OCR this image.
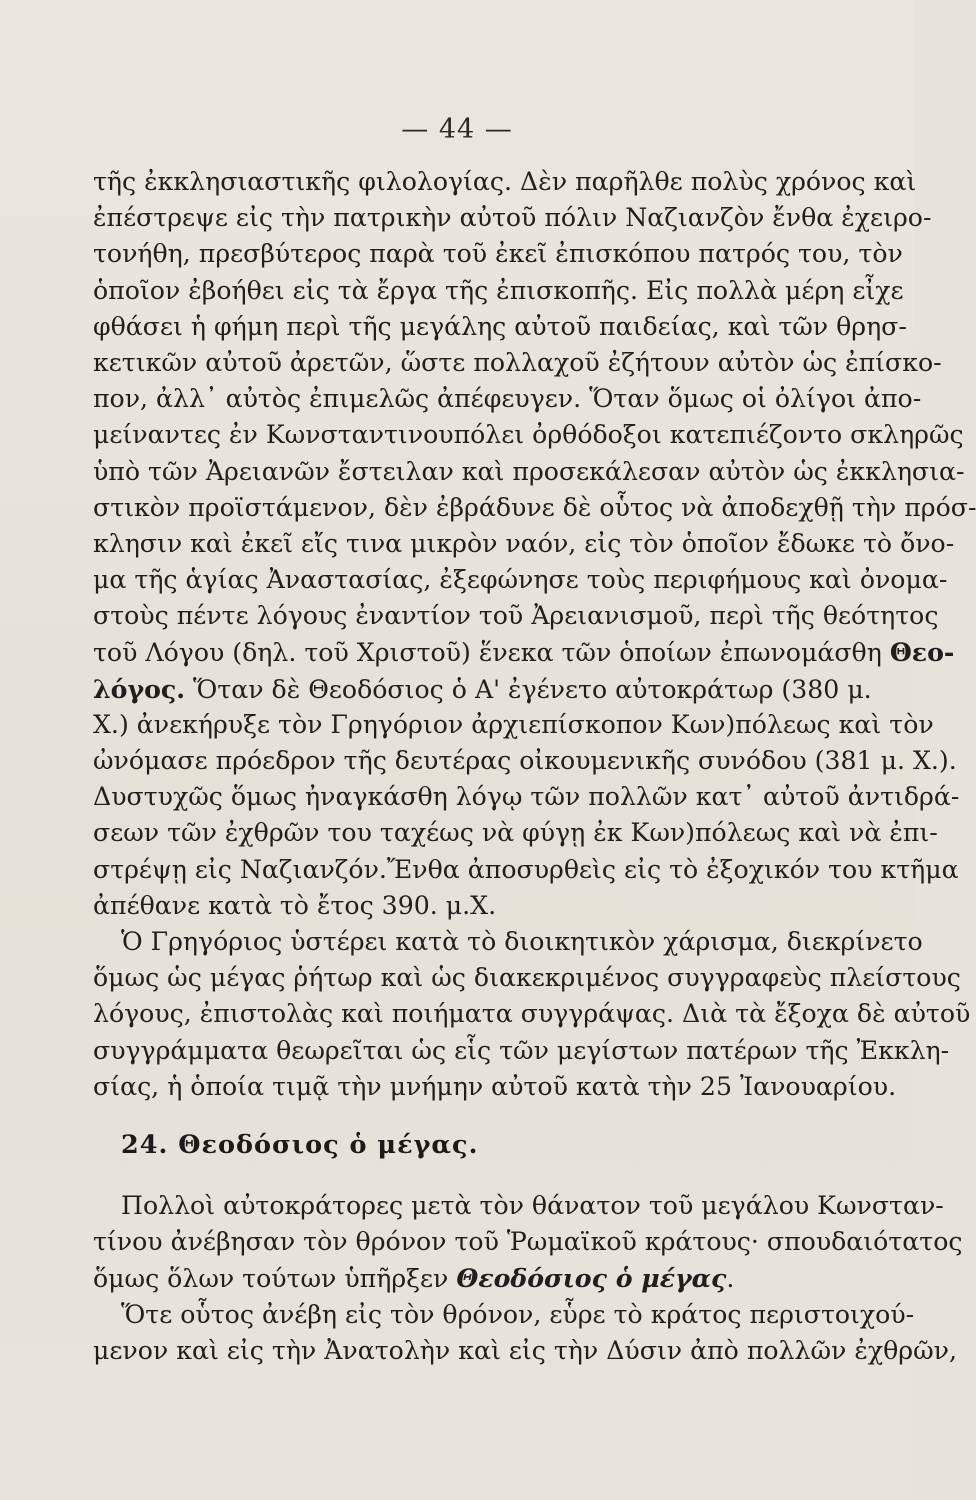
— 44 —
τῆς ἐκκλησιαστικῆς φιλολογίας. Δὲν παρῆλθε πολὺς χρόνος καὶ
ἐπέστρεψε εἰς τὴν πατρικὴν αὐτοῦ πόλιν Ναζιανζὸν ἔνθα ἐχειρο-
τονήθη, πρεσβύτερος παρὰ τοῦ ἐκεῖ ἐπισκόπου πατρός του, τὸν
ὁποῖον ἐβοήθει εἰς τὰ ἔργα τῆς ἐπισκοπῆς. Εἰς πολλὰ μέρη εἶχε
φθάσει ἡ φήμη περὶ τῆς μεγάλης αὐτοῦ παιδείας, καὶ τῶν θρησ-
κετικῶν αὐτοῦ ἀρετῶν, ὥστε πολλαχοῦ ἐζήτουν αὐτὸν ὡς ἐπίσκο-
πον, ἀλλ᾽ αὐτὸς ἐπιμελῶς ἀπέφευγεν. Ὅταν ὅμως οἱ ὀλίγοι ἀπο-
μείναντες ἐν Κωνσταντινουπόλει ὀρθόδοξοι κατεπιέζοντο σκληρῶς
ὑπὸ τῶν Ἀρειανῶν ἔστειλαν καὶ προσεκάλεσαν αὐτὸν ὡς ἐκκλησια-
στικὸν προϊστάμενον, δὲν ἐβράδυνε δὲ οὗτος νὰ ἀποδεχθῇ τὴν πρόσ-
κλησιν καὶ ἐκεῖ εἴς τινα μικρὸν ναόν, εἰς τὸν ὁποῖον ἔδωκε τὸ ὄνο-
μα τῆς ἁγίας Ἀναστασίας, ἐξεφώνησε τοὺς περιφήμους καὶ ὀνομα-
στοὺς πέντε λόγους ἐναντίον τοῦ Ἀρειανισμοῦ, περὶ τῆς θεότητος
τοῦ Λόγου (δηλ. τοῦ Χριστοῦ) ἕνεκα τῶν ὁποίων ἐπωνομάσθη Θεο-
λόγος. Ὅταν δὲ Θεοδόσιος ὁ Α' ἐγένετο αὐτοκράτωρ (380 μ.
Χ.) ἀνεκήρυξε τὸν Γρηγόριον ἀρχιεπίσκοπον Κων)πόλεως καὶ τὸν
ὠνόμασε πρόεδρον τῆς δευτέρας οἰκουμενικῆς συνόδου (381 μ. Χ.).
Δυστυχῶς ὅμως ἠναγκάσθη λόγῳ τῶν πολλῶν κατ᾽ αὐτοῦ ἀντιδρά-
σεων τῶν ἐχθρῶν του ταχέως νὰ φύγῃ ἐκ Κων)πόλεως καὶ νὰ ἐπι-
στρέψῃ εἰς Ναζιανζόν.Ἔνθα ἀποσυρθεὶς εἰς τὸ ἐξοχικόν του κτῆμα
ἀπέθανε κατὰ τὸ ἔτος 390. μ.Χ.
Ὁ Γρηγόριος ὑστέρει κατὰ τὸ διοικητικὸν χάρισμα, διεκρίνετο
ὅμως ὡς μέγας ῥήτωρ καὶ ὡς διακεκριμένος συγγραφεὺς πλείστους
λόγους, ἐπιστολὰς καὶ ποιήματα συγγράψας. Διὰ τὰ ἔξοχα δὲ αὐτοῦ
συγγράμματα θεωρεῖται ὡς εἷς τῶν μεγίστων πατέρων τῆς Ἐκκλη-
σίας, ἡ ὁποία τιμᾷ τὴν μνήμην αὐτοῦ κατὰ τὴν 25 Ἰανουαρίου.
24. Θεοδόσιος ὁ μέγας.
Πολλοὶ αὐτοκράτορες μετὰ τὸν θάνατον τοῦ μεγάλου Κωνσταν-
τίνου ἀνέβησαν τὸν θρόνον τοῦ Ῥωμαϊκοῦ κράτους· σπουδαιότατος
ὅμως ὅλων τούτων ὑπῆρξεν Θεοδόσιος ὁ μέγας.
Ὅτε οὗτος ἀνέβη εἰς τὸν θρόνον, εὗρε τὸ κράτος περιστοιχού-
μενον καὶ εἰς τὴν Ἀνατολὴν καὶ εἰς τὴν Δύσιν ἀπὸ πολλῶν ἐχθρῶν,
